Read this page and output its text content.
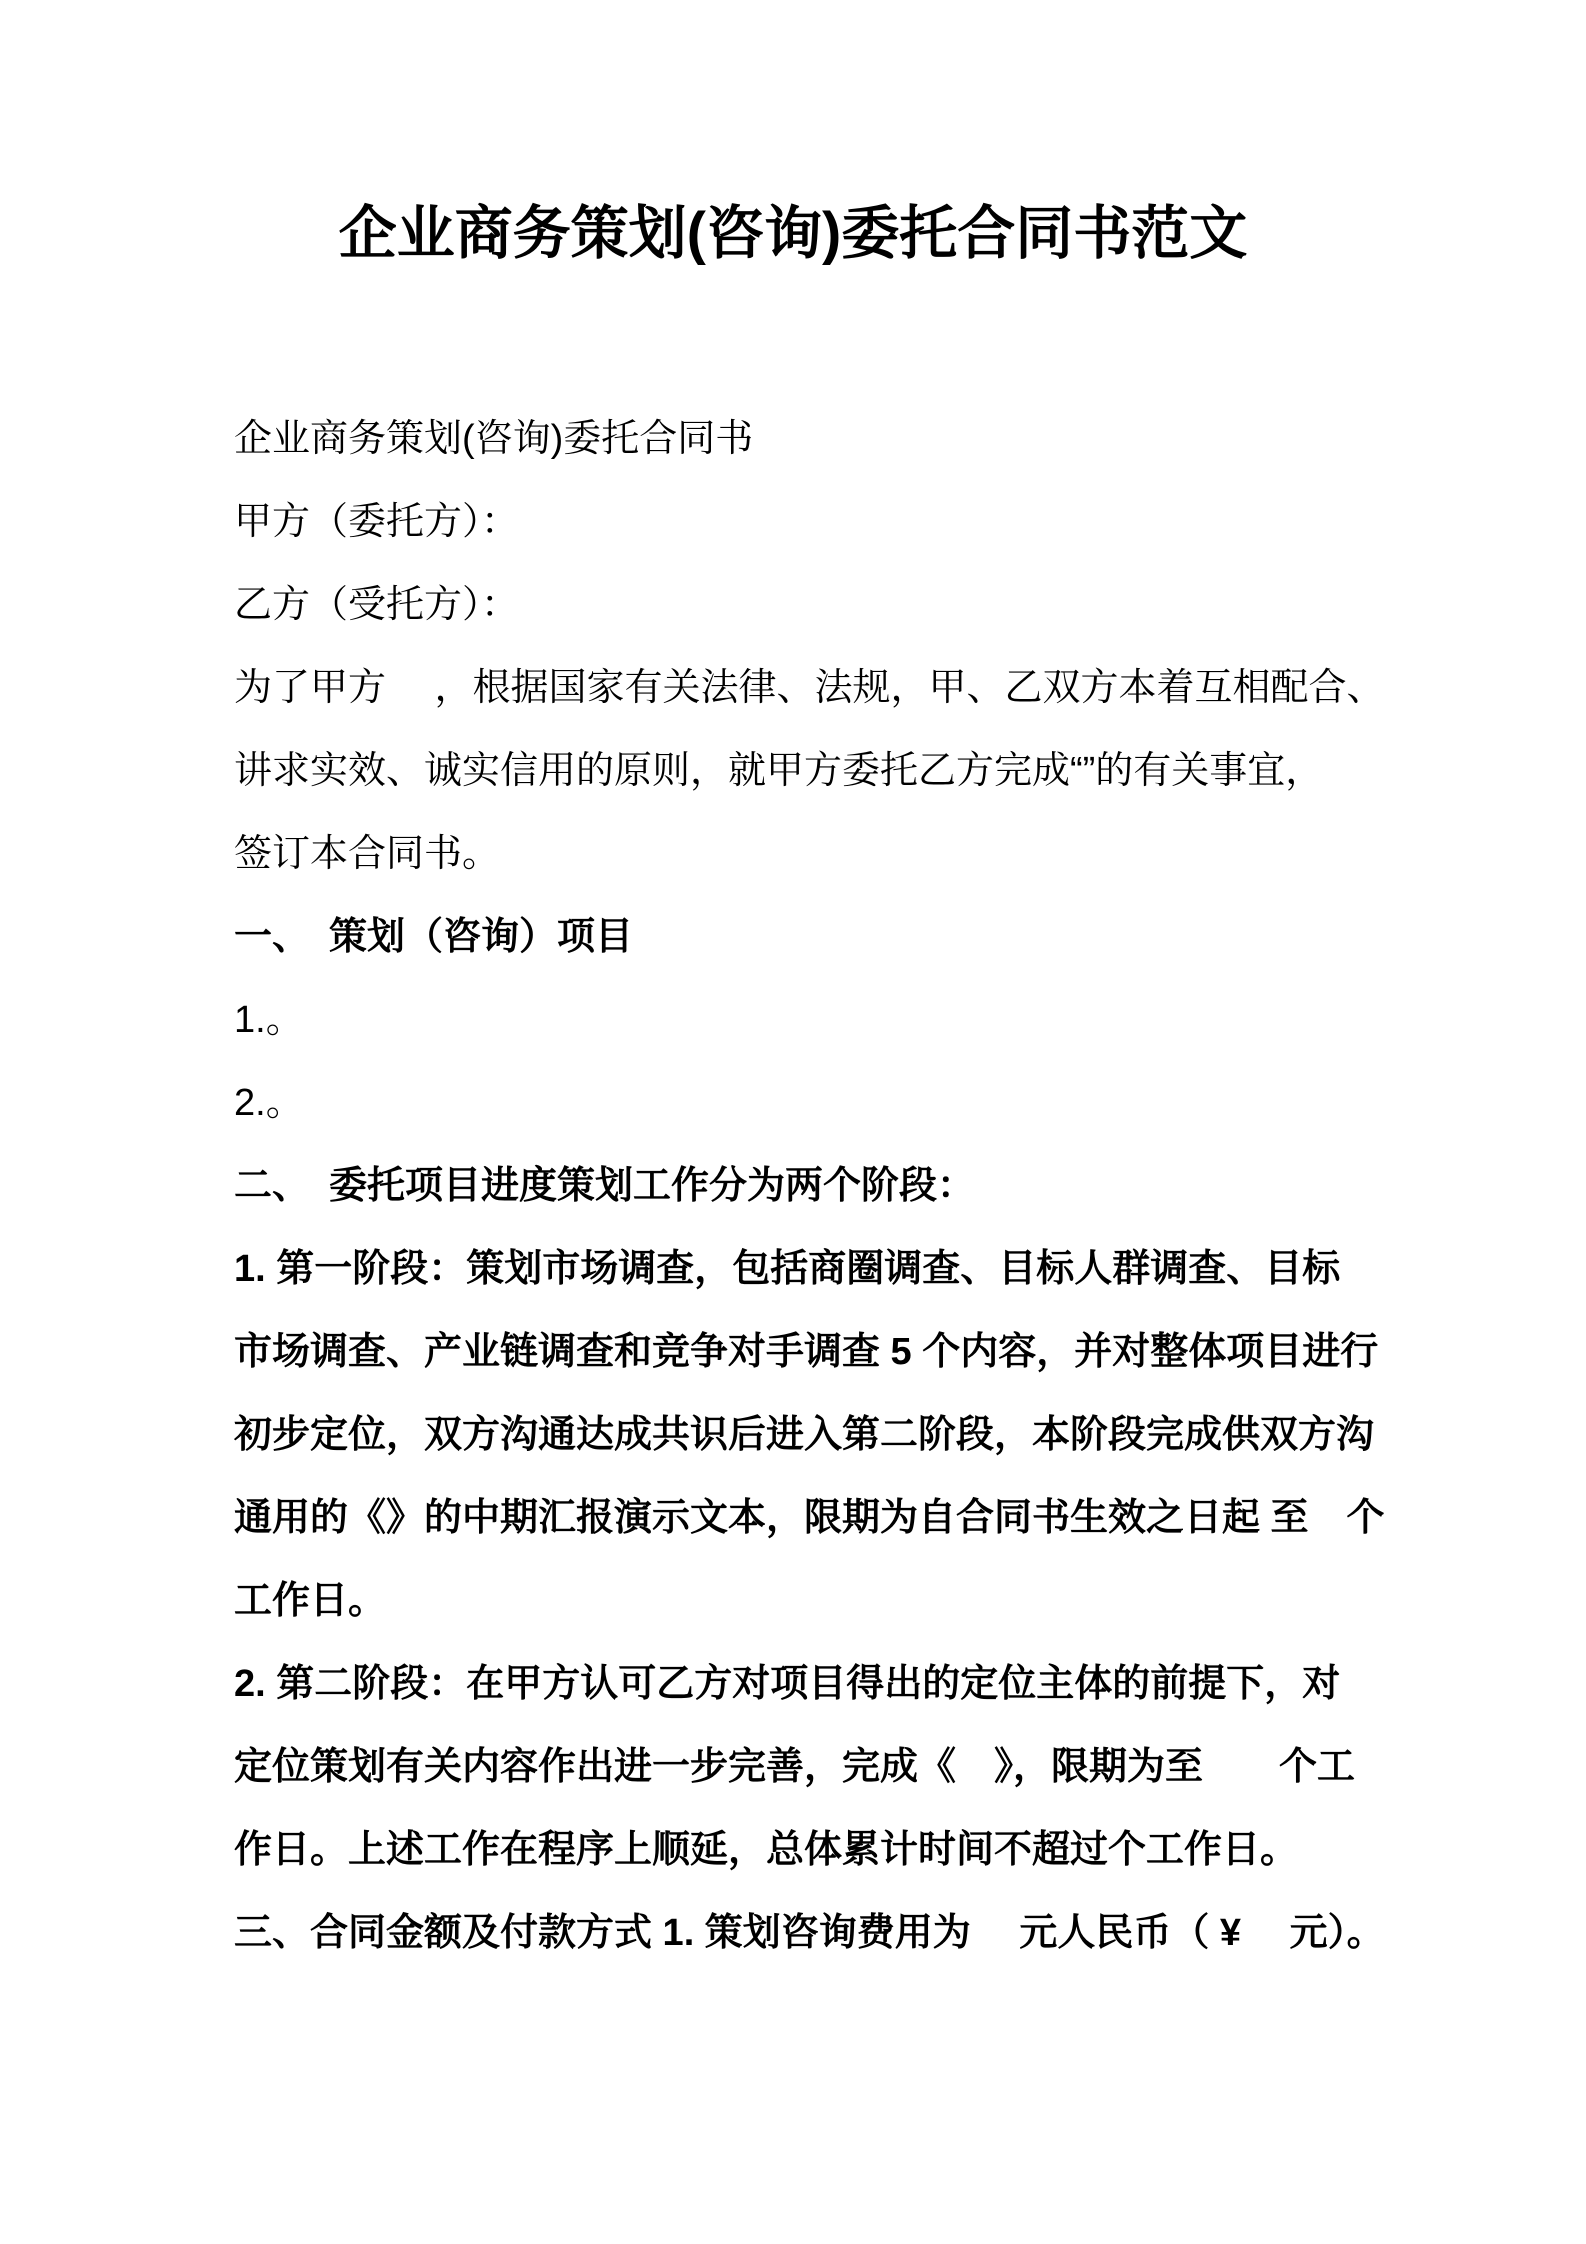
企业商务策划(咨询)委托合同书范文
企业商务策划(咨询)委托合同书
甲方（委托方）：
乙方（受托方）：
为了甲方　 ，根据国家有关法律、法规，甲、乙双方本着互相配合、
讲求实效、诚实信用的原则，就甲方委托乙方完成“”的有关事宜，
签订本合同书。
一、　策划（咨询）项目
1.。
2.。
二、　委托项目进度策划工作分为两个阶段：
1. 第一阶段：策划市场调查，包括商圈调查、目标人群调查、目标
市场调查、产业链调查和竞争对手调查 5 个内容，并对整体项目进行
初步定位，双方沟通达成共识后进入第二阶段，本阶段完成供双方沟
通用的《》的中期汇报演示文本，限期为自合同书生效之日起 至　个
工作日。
2. 第二阶段：在甲方认可乙方对项目得出的定位主体的前提下，对
定位策划有关内容作出进一步完善，完成《　》，限期为至　　个工
作日。上述工作在程序上顺延，总体累计时间不超过个工作日。
三、合同金额及付款方式 1. 策划咨询费用为　 元人民币（ ¥　 元）。
